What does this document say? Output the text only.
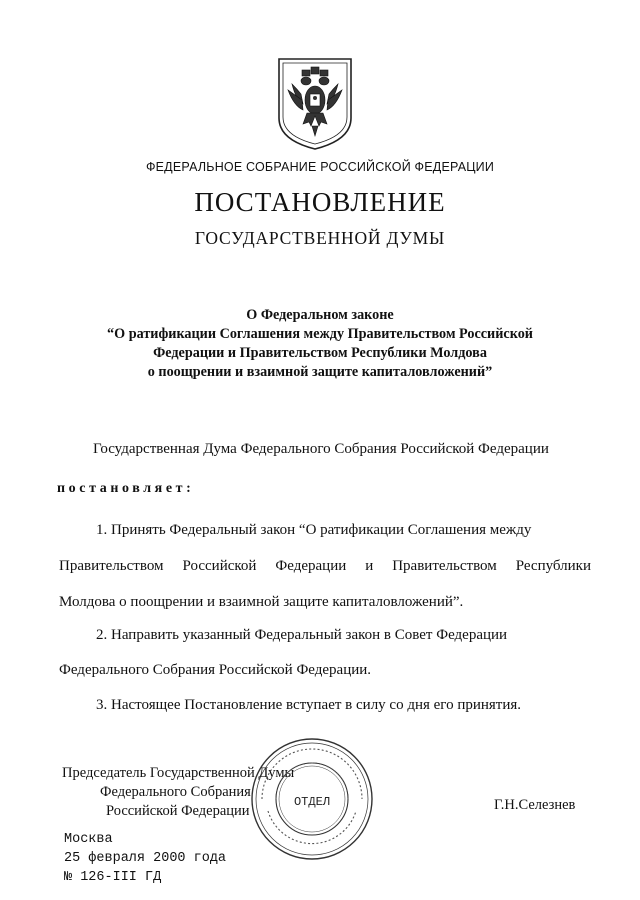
ФЕДЕРАЛЬНОЕ СОБРАНИЕ РОССИЙСКОЙ ФЕДЕРАЦИИ
ПОСТАНОВЛЕНИЕ
ГОСУДАРСТВЕННОЙ ДУМЫ
О Федеральном законе
“О ратификации Соглашения между Правительством Российской
Федерации и Правительством Республики Молдова
о поощрении и взаимной защите капиталовложений”
Государственная Дума Федерального Собрания Российской Федерации
постановляет:
1. Принять Федеральный закон “О ратификации Соглашения между
Правительством Российской Федерации и Правительством Республики
Молдова о поощрении и взаимной защите капиталовложений”.
2. Направить указанный Федеральный закон в Совет Федерации
Федерального Собрания Российской Федерации.
3. Настоящее Постановление вступает в силу со дня его принятия.
Председатель Государственной Думы
Федерального Собрания
Российской Федерации	Г.Н.Селезнев
ОТДЕЛ
Москва
25 февраля 2000 года
№ 126-III ГД
